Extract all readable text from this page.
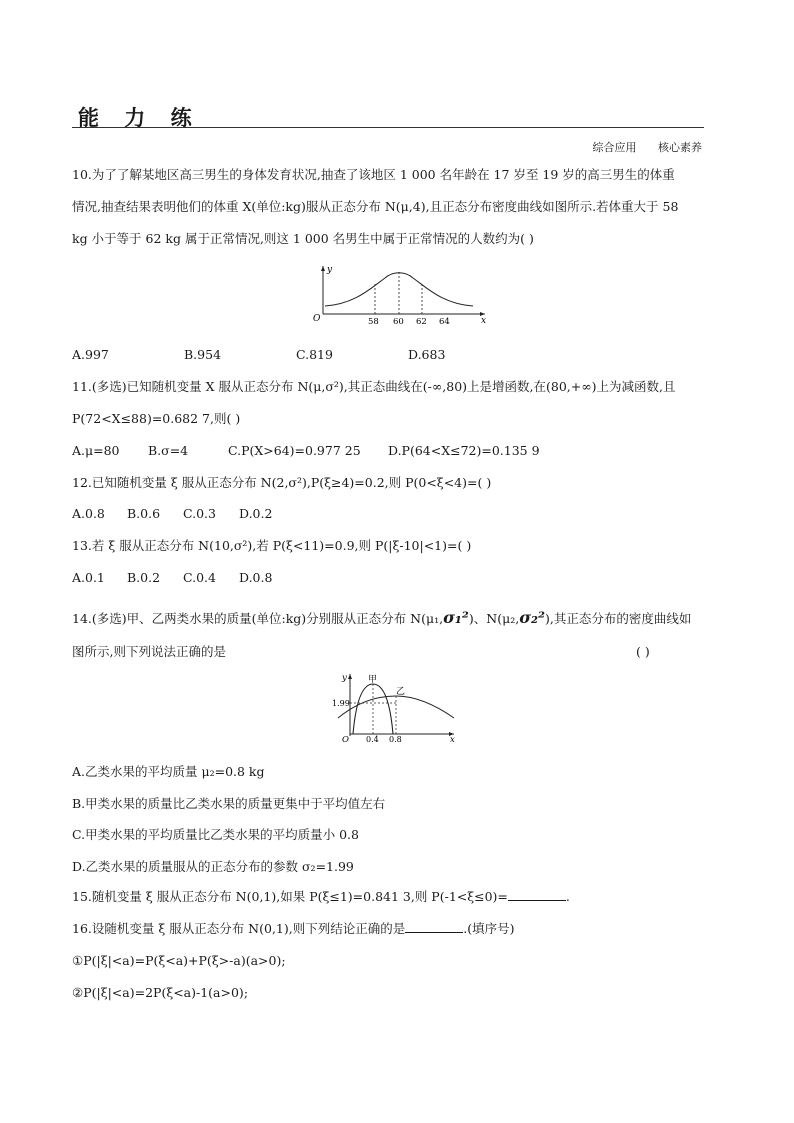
能 力 练
综合应用 核心素养
10.为了了解某地区高三男生的身体发育状况,抽查了该地区 1 000 名年龄在 17 岁至 19 岁的高三男生的体重
情况,抽查结果表明他们的体重 X(单位:kg)服从正态分布 N(μ,4),且正态分布密度曲线如图所示.若体重大于 58
kg 小于等于 62 kg 属于正常情况,则这 1 000 名男生中属于正常情况的人数约为( )
y
x
O	58 60 62 64
A.997	B.954	C.819	D.683
11.(多选)已知随机变量 X 服从正态分布 N(μ,σ²),其正态曲线在(-∞,80)上是增函数,在(80,+∞)上为减函数,且
P(72<X≤88)=0.682 7,则( )
A.μ=80 B.σ=4	C.P(X>64)=0.977 25 D.P(64<X≤72)=0.135 9
12.已知随机变量 ξ 服从正态分布 N(2,σ²),P(ξ≥4)=0.2,则 P(0<ξ<4)=( )
A.0.8 B.0.6 C.0.3 D.0.2
13.若 ξ 服从正态分布 N(10,σ²),若 P(ξ<11)=0.9,则 P(|ξ-10|<1)=( )
A.0.1 B.0.2 C.0.4 D.0.8
14.(多选)甲、乙两类水果的质量(单位:kg)分别服从正态分布 N(μ₁,σ₁²)、N(μ₂,σ₂²),其正态分布的密度曲线如
图所示,则下列说法正确的是	( )
y
x
O
甲
乙
1.99
0.4 0.8
A.乙类水果的平均质量 μ₂=0.8 kg
B.甲类水果的质量比乙类水果的质量更集中于平均值左右
C.甲类水果的平均质量比乙类水果的平均质量小 0.8
D.乙类水果的质量服从的正态分布的参数 σ₂=1.99
15.随机变量 ξ 服从正态分布 N(0,1),如果 P(ξ≤1)=0.841 3,则 P(-1<ξ≤0)=	.
16.设随机变量 ξ 服从正态分布 N(0,1),则下列结论正确的是	.(填序号)
①P(|ξ|<a)=P(ξ<a)+P(ξ>-a)(a>0);
②P(|ξ|<a)=2P(ξ<a)-1(a>0);
